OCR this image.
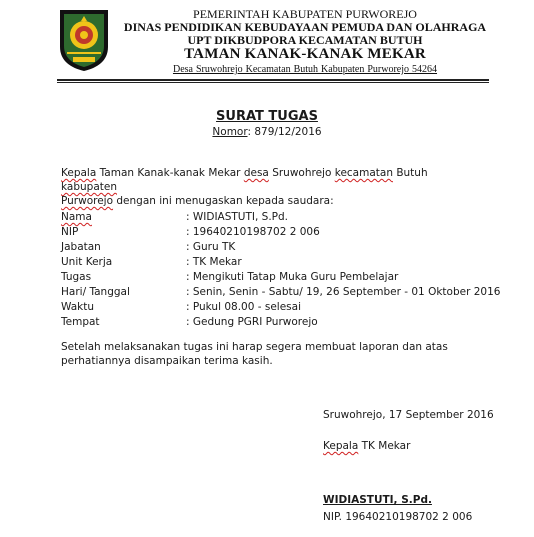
PEMERINTAH KABUPATEN PURWOREJO
DINAS PENDIDIKAN KEBUDAYAAN PEMUDA DAN OLAHRAGA
UPT DIKBUDPORA KECAMATAN BUTUH
TAMAN KANAK-KANAK MEKAR
Desa Sruwohrejo Kecamatan Butuh Kabupaten Purworejo 54264
SURAT TUGAS
Nomor: 879/12/2016
Kepala Taman Kanak-kanak Mekar desa Sruwohrejo kecamatan Butuh kabupaten
Purworejo dengan ini menugaskan kepada saudara:
Nama	: WIDIASTUTI, S.Pd.
NIP	: 19640210198702 2 006
Jabatan	: Guru TK
Unit Kerja	: TK Mekar
Tugas	: Mengikuti Tatap Muka Guru Pembelajar
Hari/ Tanggal	: Senin, Senin - Sabtu/ 19, 26 September - 01 Oktober 2016
Waktu	: Pukul 08.00 - selesai
Tempat	: Gedung PGRI Purworejo
Setelah melaksanakan tugas ini harap segera membuat laporan dan atas perhatiannya disampaikan terima kasih.
Sruwohrejo, 17 September 2016
Kepala TK Mekar
WIDIASTUTI, S.Pd.
NIP. 19640210198702 2 006
